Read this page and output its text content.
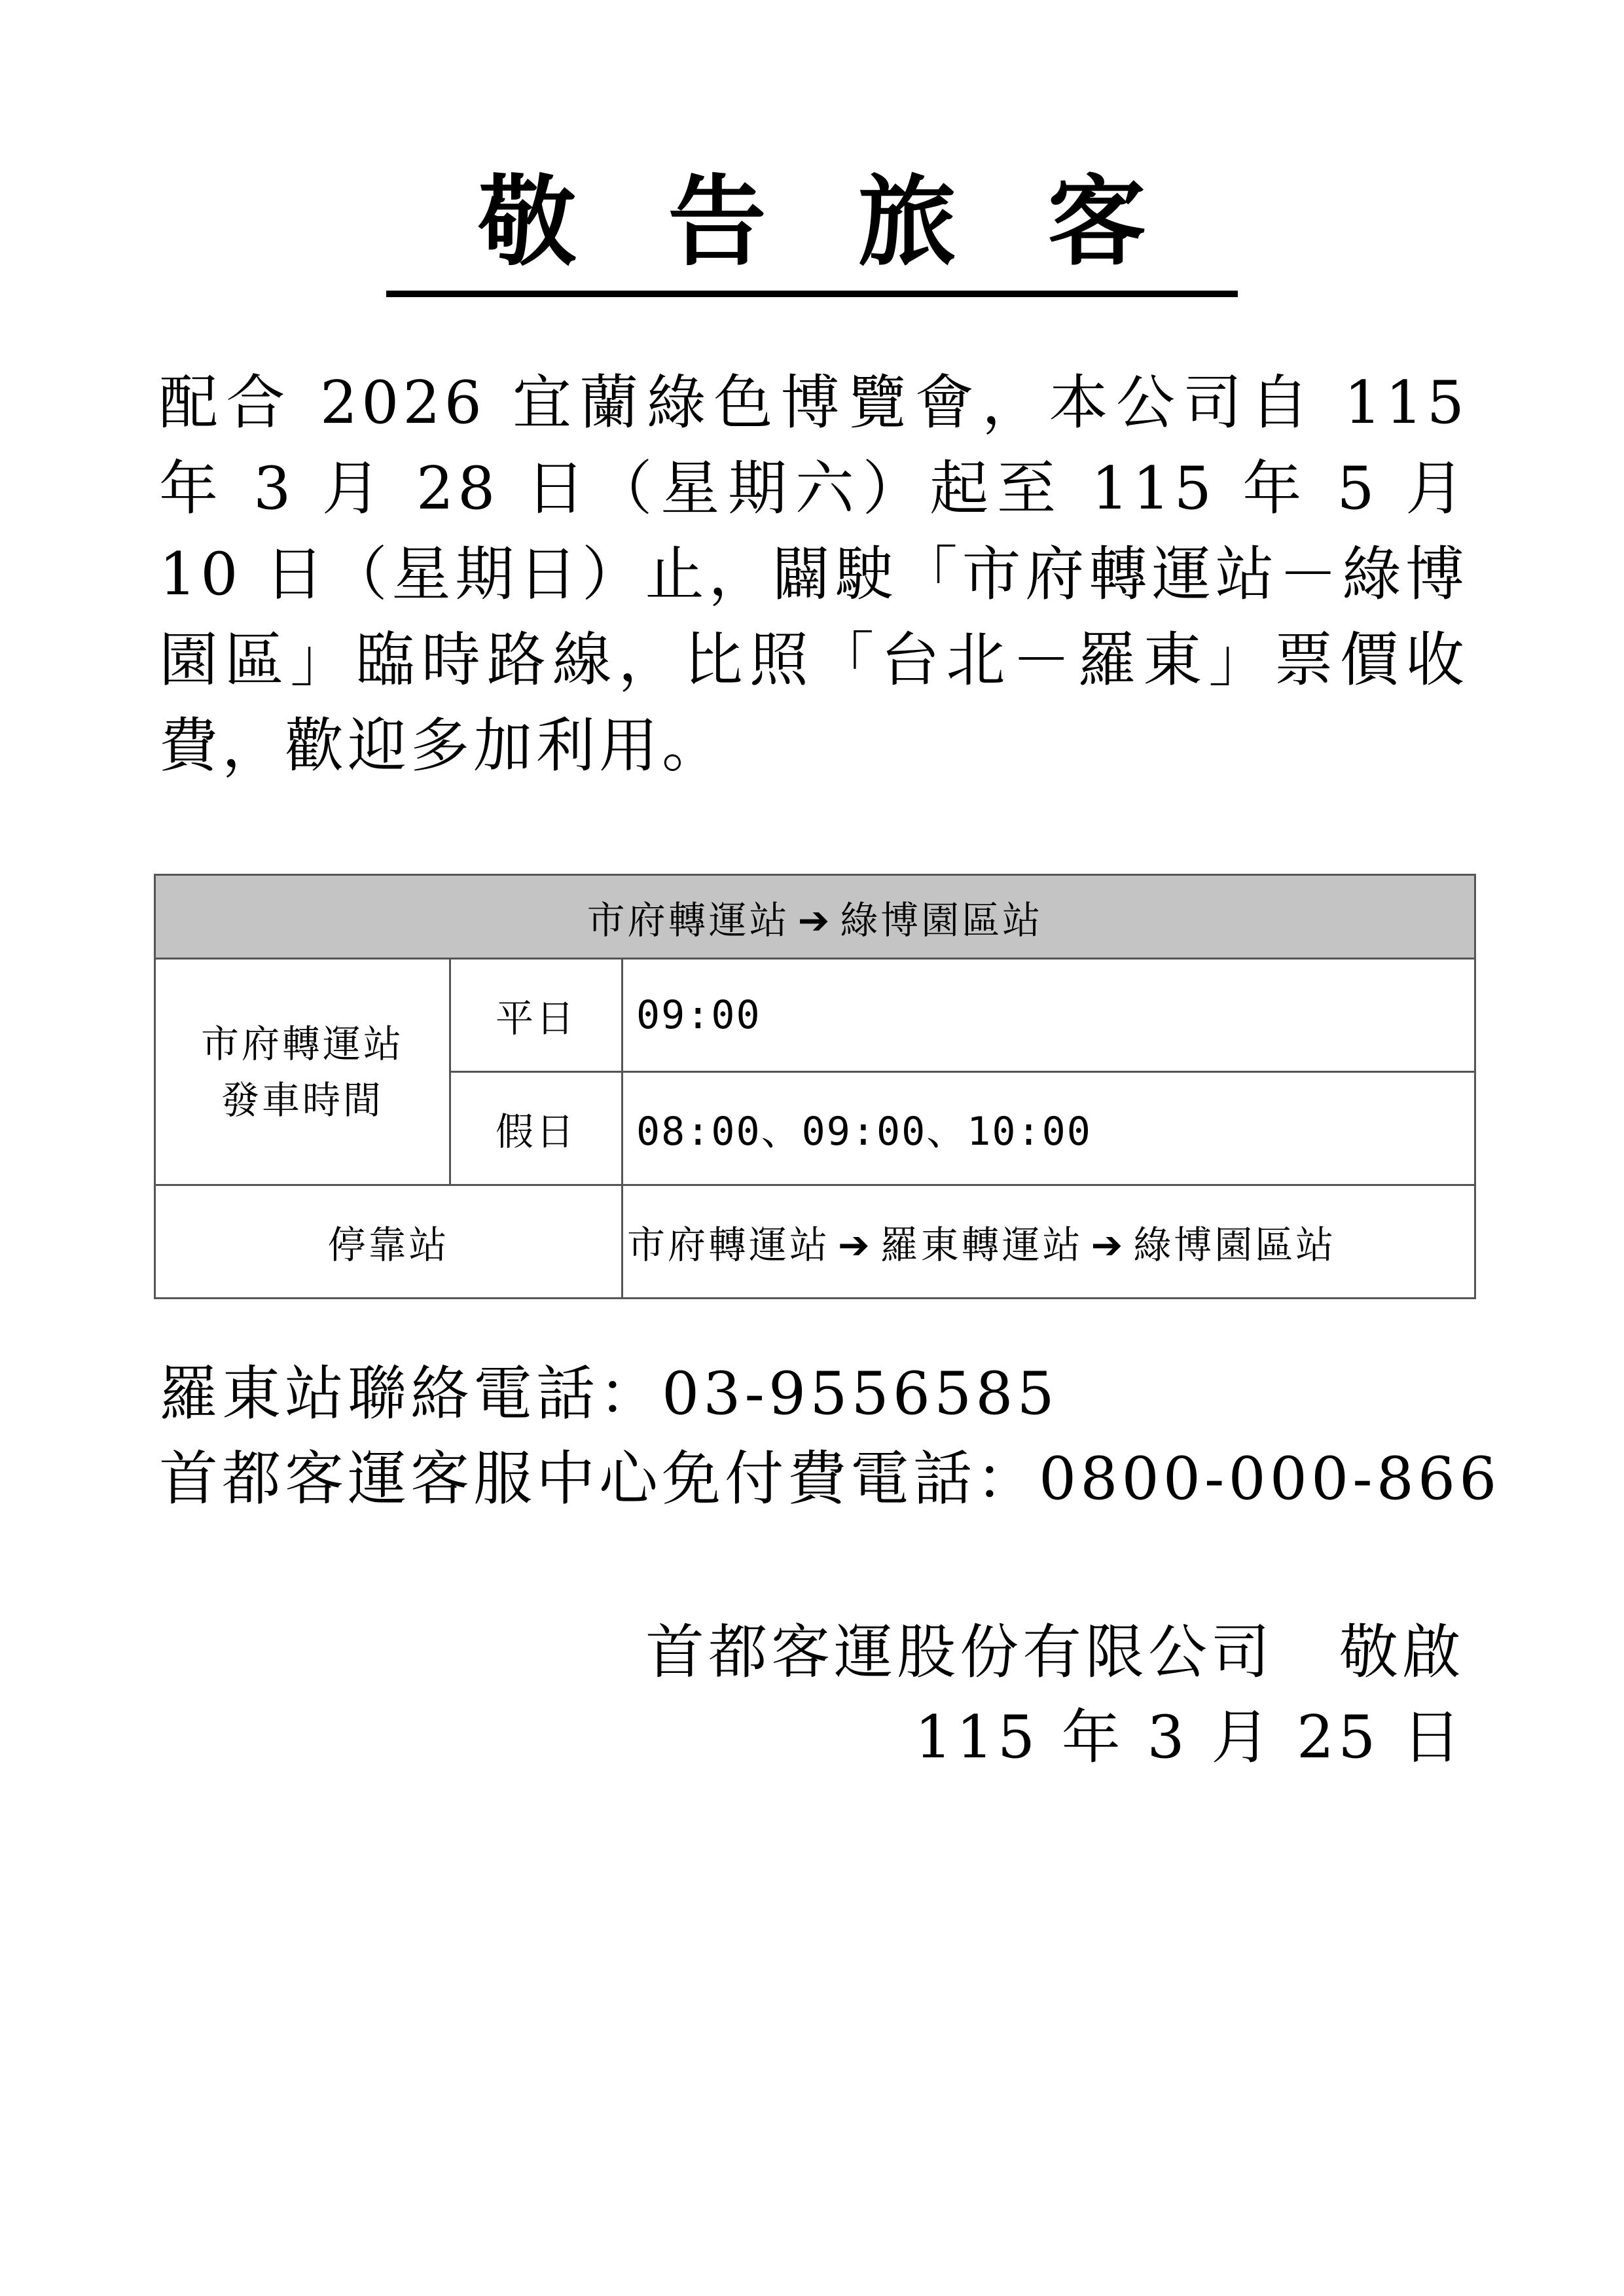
敬告旅客

配合 2026 宜蘭綠色博覽會，本公司自 115 年 3 月 28 日（星期六）起至 115 年 5 月 10 日（星期日）止，闢駛「市府轉運站－綠博園區」臨時路線，比照「台北－羅東」票價收費，歡迎多加利用。

市府轉運站 ➔ 綠博園區站		

市府轉運站
發車時間	平日	09:00
	假日	08:00、09:00、10:00
停靠站		市府轉運站 ➔ 羅東轉運站 ➔ 綠博園區站
羅東站聯絡電話：03-9556585
首都客運客服中心免付費電話：0800-000-866
首都客運股份有限公司 敬啟
115 年 3 月 25 日
